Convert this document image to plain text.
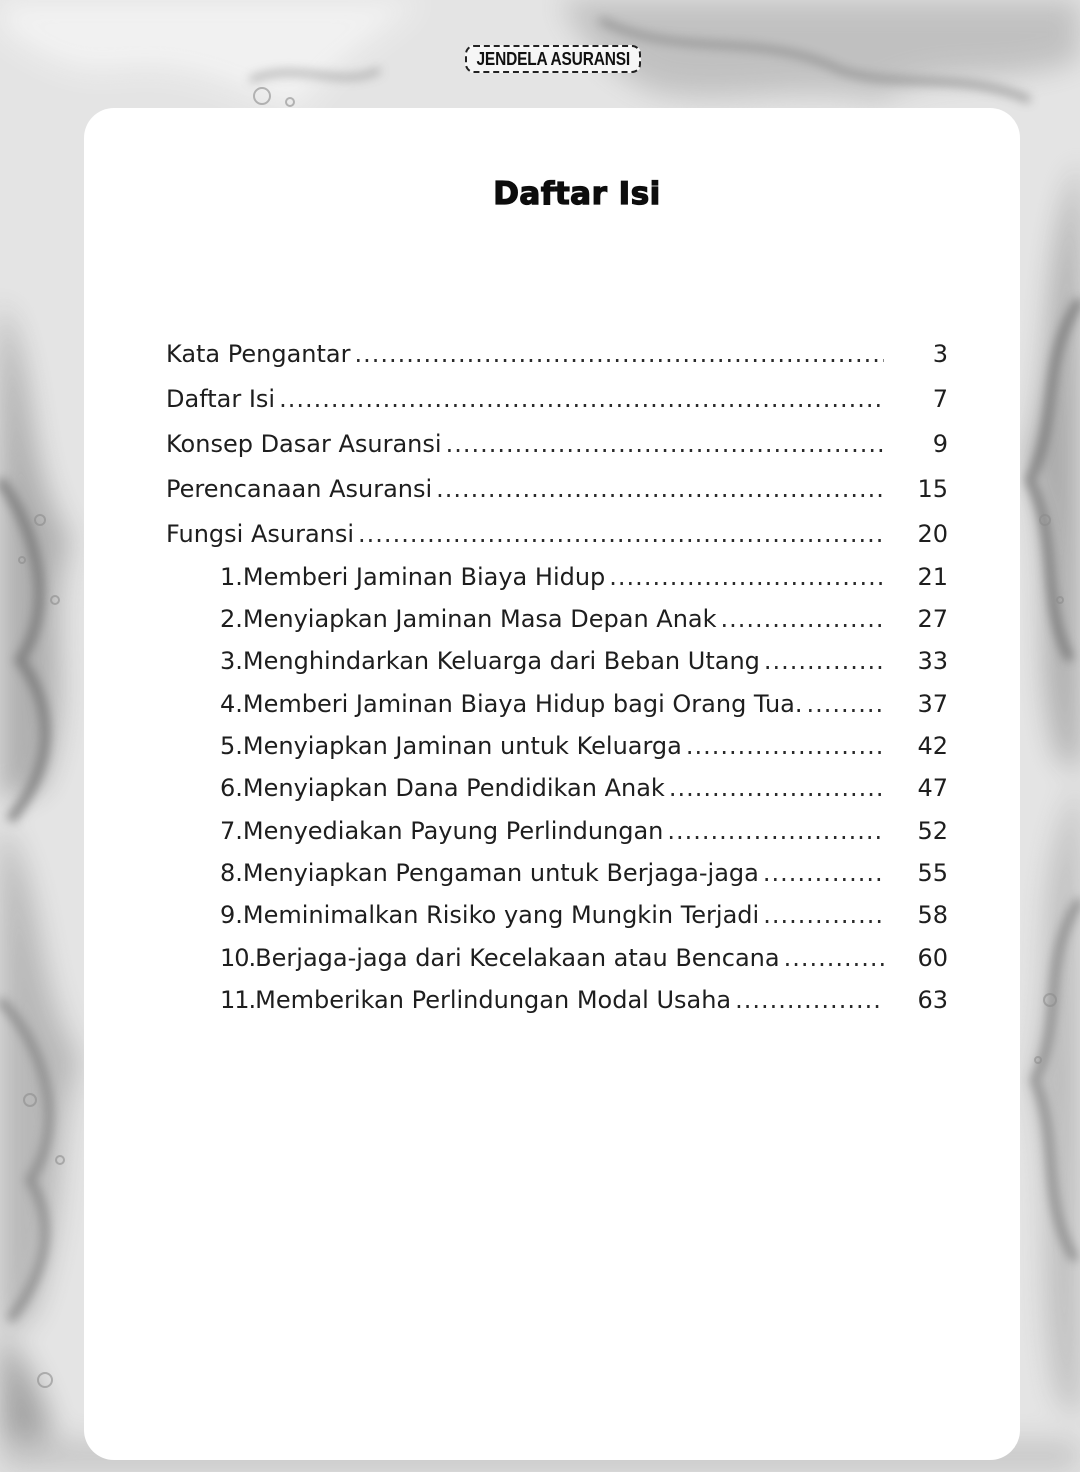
JENDELA ASURANSI
Daftar Isi
Kata Pengantar .....	3
Daftar Isi .....	7
Konsep Dasar Asuransi .....	9
Perencanaan Asuransi .....	15
Fungsi Asuransi .....	20
1. Memberi Jaminan Biaya Hidup .....	21
2. Menyiapkan Jaminan Masa Depan Anak .....	27
3. Menghindarkan Keluarga dari Beban Utang .....	33
4. Memberi Jaminan Biaya Hidup bagi Orang Tua. .....	37
5. Menyiapkan Jaminan untuk Keluarga .....	42
6. Menyiapkan Dana Pendidikan Anak .....	47
7. Menyediakan Payung Perlindungan .....	52
8. Menyiapkan Pengaman untuk Berjaga-jaga .....	55
9. Meminimalkan Risiko yang Mungkin Terjadi .....	58
10. Berjaga-jaga dari Kecelakaan atau Bencana .....	60
11. Memberikan Perlindungan Modal Usaha .....	63
